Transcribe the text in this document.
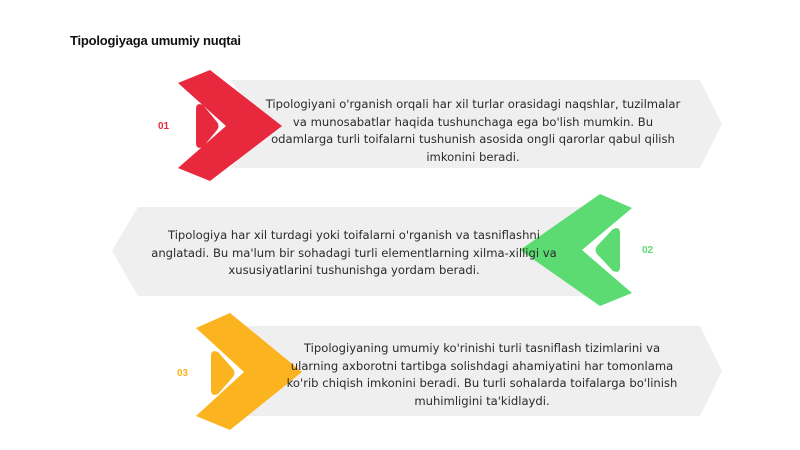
Tipologiyaga umumiy nuqtai
01
Tipologiyani o'rganish orqali har xil turlar orasidagi naqshlar, tuzilmalar va munosabatlar haqida tushunchaga ega bo'lish mumkin. Bu odamlarga turli toifalarni tushunish asosida ongli qarorlar qabul qilish imkonini beradi.
02
Tipologiya har xil turdagi yoki toifalarni o'rganish va tasniflashni anglatadi. Bu ma'lum bir sohadagi turli elementlarning xilma-xilligi va xususiyatlarini tushunishga yordam beradi.
03
Tipologiyaning umumiy ko'rinishi turli tasniflash tizimlarini va ularning axborotni tartibga solishdagi ahamiyatini har tomonlama ko'rib chiqish imkonini beradi. Bu turli sohalarda toifalarga bo'linish muhimligini ta'kidlaydi.
